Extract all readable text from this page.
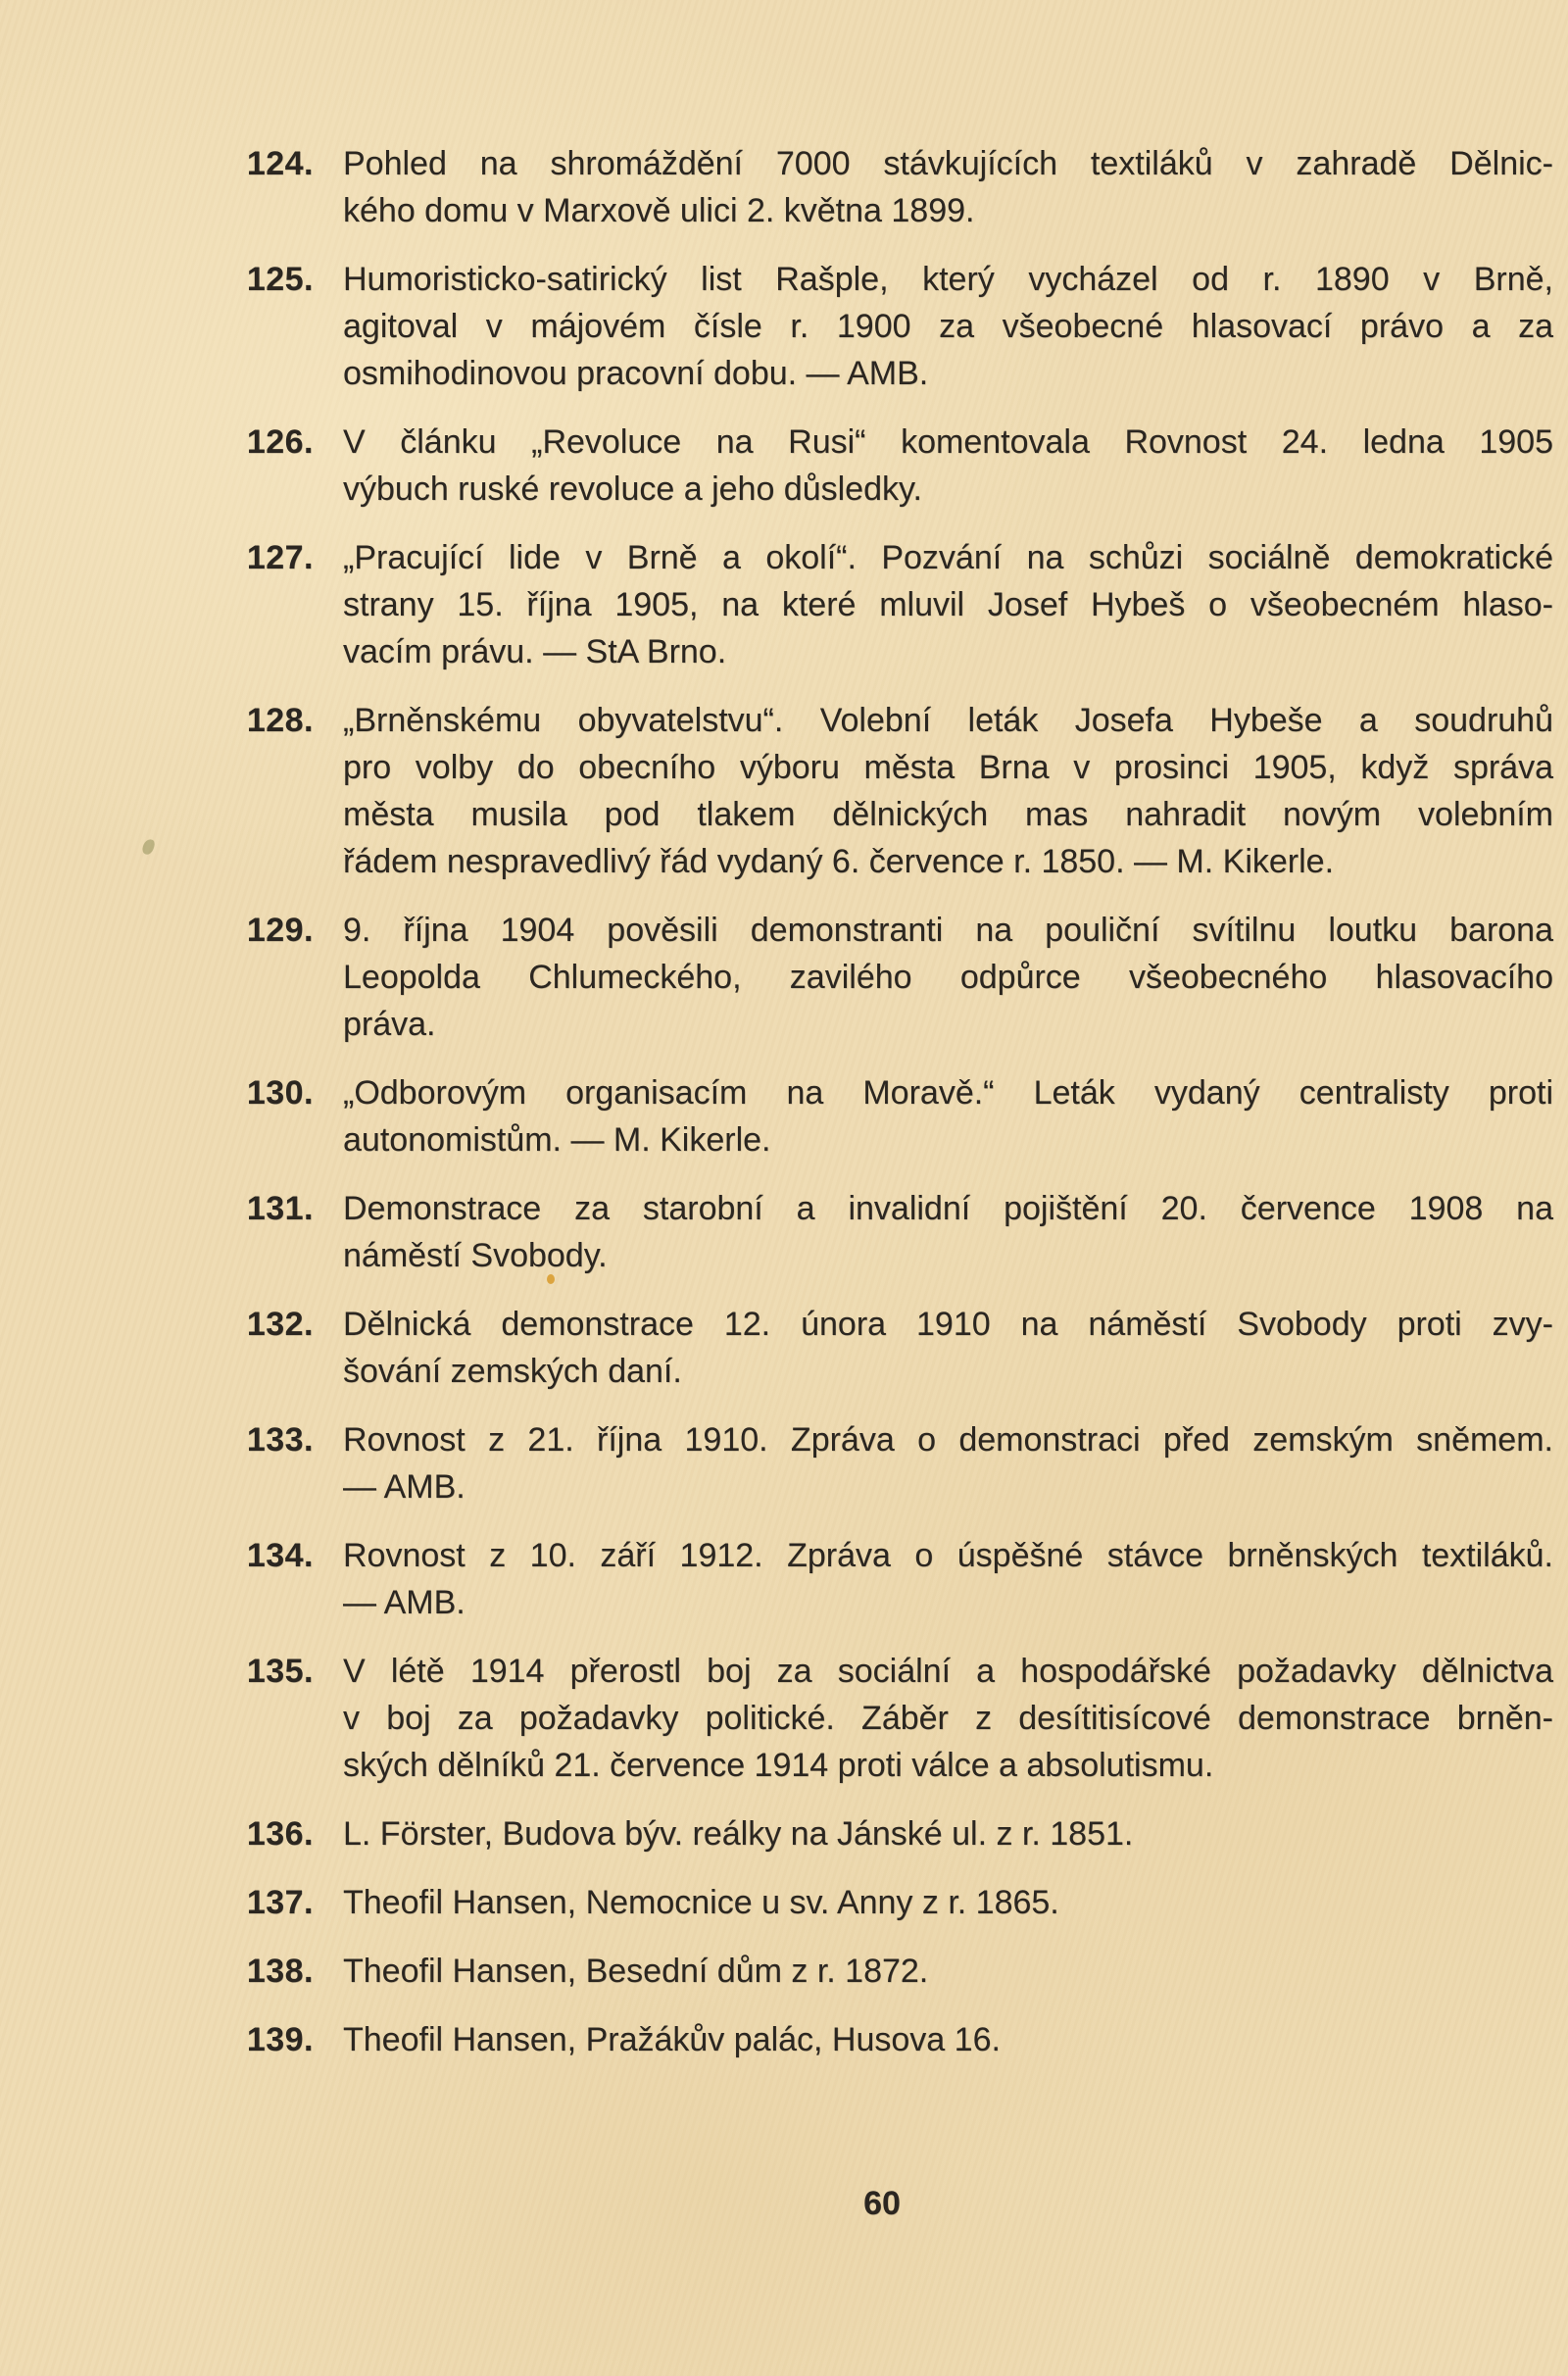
124. Pohled na shromáždění 7000 stávkujících textiláků v zahradě Dělnic-
kého domu v Marxově ulici 2. května 1899.
125. Humoristicko-satirický list Rašple, který vycházel od r. 1890 v Brně,
agitoval v májovém čísle r. 1900 za všeobecné hlasovací právo a za
osmihodinovou pracovní dobu. — AMB.
126. V článku „Revoluce na Rusi“ komentovala Rovnost 24. ledna 1905
výbuch ruské revoluce a jeho důsledky.
127. „Pracující lide v Brně a okolí“. Pozvání na schůzi sociálně demokratické
strany 15. října 1905, na které mluvil Josef Hybeš o všeobecném hlaso-
vacím právu. — StA Brno.
128. „Brněnskému obyvatelstvu“. Volební leták Josefa Hybeše a soudruhů
pro volby do obecního výboru města Brna v prosinci 1905, když správa
města musila pod tlakem dělnických mas nahradit novým volebním
řádem nespravedlivý řád vydaný 6. července r. 1850. — M. Kikerle.
129. 9. října 1904 pověsili demonstranti na pouliční svítilnu loutku barona
Leopolda Chlumeckého, zavilého odpůrce všeobecného hlasovacího
práva.
130. „Odborovým organisacím na Moravě.“ Leták vydaný centralisty proti
autonomistům. — M. Kikerle.
131. Demonstrace za starobní a invalidní pojištění 20. července 1908 na
náměstí Svobody.
132. Dělnická demonstrace 12. února 1910 na náměstí Svobody proti zvy-
šování zemských daní.
133. Rovnost z 21. října 1910. Zpráva o demonstraci před zemským sněmem.
— AMB.
134. Rovnost z 10. září 1912. Zpráva o úspěšné stávce brněnských textiláků.
— AMB.
135. V létě 1914 přerostl boj za sociální a hospodářské požadavky dělnictva
v boj za požadavky politické. Záběr z desítitisícové demonstrace brněn-
ských dělníků 21. července 1914 proti válce a absolutismu.
136. L. Förster, Budova býv. reálky na Jánské ul. z r. 1851.
137. Theofil Hansen, Nemocnice u sv. Anny z r. 1865.
138. Theofil Hansen, Besední dům z r. 1872.
139. Theofil Hansen, Pražákův palác, Husova 16.
60
